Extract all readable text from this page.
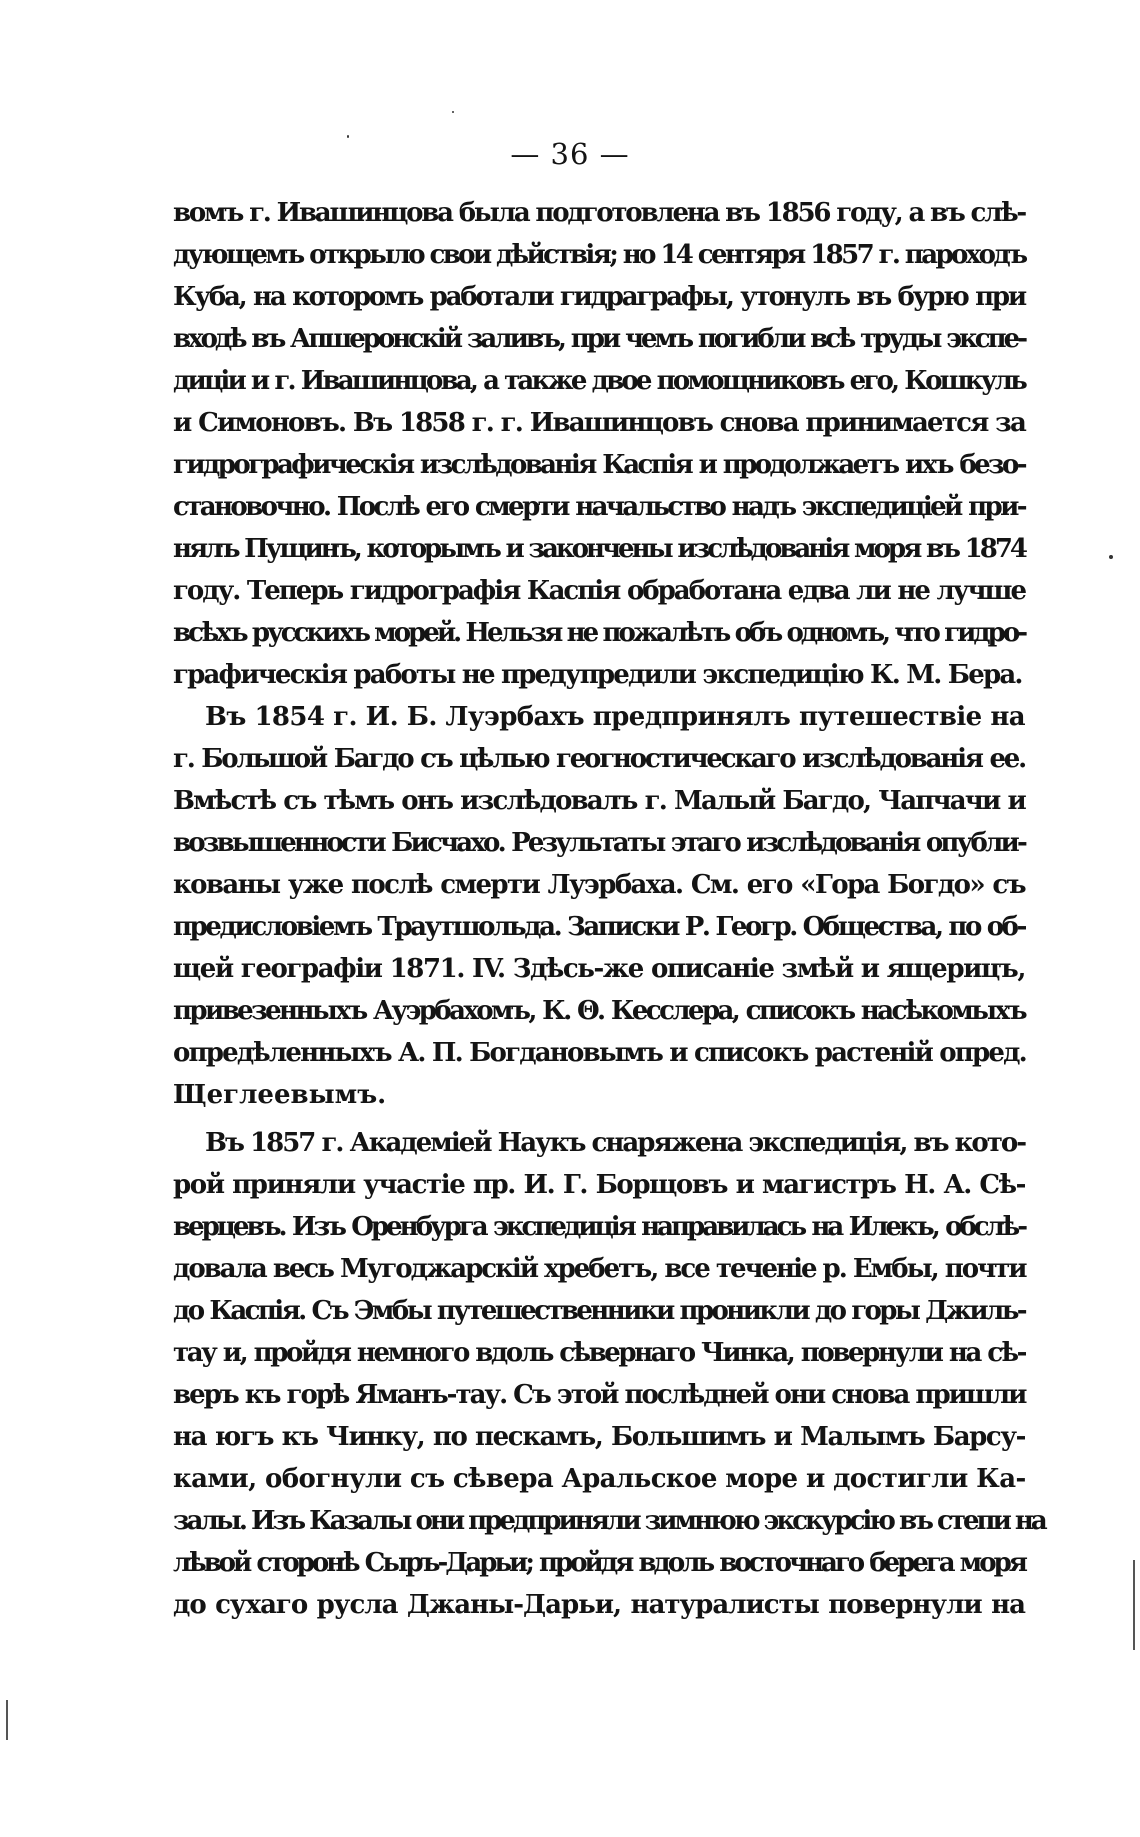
— 36 —
вомъ г. Ивашинцова была подготовлена въ 1856 году, а въ слѣ-
дующемъ открыло свои дѣйствія; но 14 сентяря 1857 г. пароходъ
Куба, на которомъ работали гидраграфы, утонулъ въ бурю при
входѣ въ Апшеронскій заливъ, при чемъ погибли всѣ труды экспе-
диціи и г. Ивашинцова, а также двое помощниковъ его, Кошкуль
и Симоновъ. Въ 1858 г. г. Ивашинцовъ снова принимается за
гидрографическія изслѣдованія Каспія и продолжаетъ ихъ безо-
становочно. Послѣ его смерти начальство надъ экспедиціей при-
нялъ Пущинъ, которымъ и закончены изслѣдованія моря въ 1874
году. Теперь гидрографія Каспія обработана едва ли не лучше
всѣхъ русскихъ морей. Нельзя не пожалѣть объ одномъ, что гидро-
графическія работы не предупредили экспедицію К. М. Бера.
Въ 1854 г. И. Б. Луэрбахъ предпринялъ путешествіе на
г. Большой Багдо съ цѣлью геогностическаго изслѣдованія ее.
Вмѣстѣ съ тѣмъ онъ изслѣдовалъ г. Малый Багдо, Чапчачи и
возвышенности Бисчахо. Результаты этаго изслѣдованія опубли-
кованы уже послѣ смерти Луэрбаха. См. его «Гора Богдо» съ
предисловіемъ Траутшольда. Записки Р. Геогр. Общества, по об-
щей географіи 1871. IV. Здѣсь-же описаніе змѣй и ящерицъ,
привезенныхъ Ауэрбахомъ, К. Θ. Кесслера, списокъ насѣкомыхъ
опредѣленныхъ А. П. Богдановымъ и списокъ растеній опред.
Щеглеевымъ.
Въ 1857 г. Академіей Наукъ снаряжена экспедиція, въ кото-
рой приняли участіе пр. И. Г. Борщовъ и магистръ Н. А. Сѣ-
верцевъ. Изъ Оренбурга экспедиція направилась на Илекъ, обслѣ-
довала весь Мугоджарскій хребетъ, все теченіе р. Ембы, почти
до Каспія. Съ Эмбы путешественники проникли до горы Джиль-
тау и, пройдя немного вдоль сѣвернаго Чинка, повернули на сѣ-
веръ къ горѣ Яманъ-тау. Съ этой послѣдней они снова пришли
на югъ къ Чинку, по пескамъ, Большимъ и Малымъ Барсу-
ками, обогнули съ сѣвера Аральское море и достигли Ка-
залы. Изъ Казалы они предприняли зимнюю экскурсію въ степи на
лѣвой сторонѣ Сыръ-Дарьи; пройдя вдоль восточнаго берега моря
до сухаго русла Джаны-Дарьи, натуралисты повернули на
